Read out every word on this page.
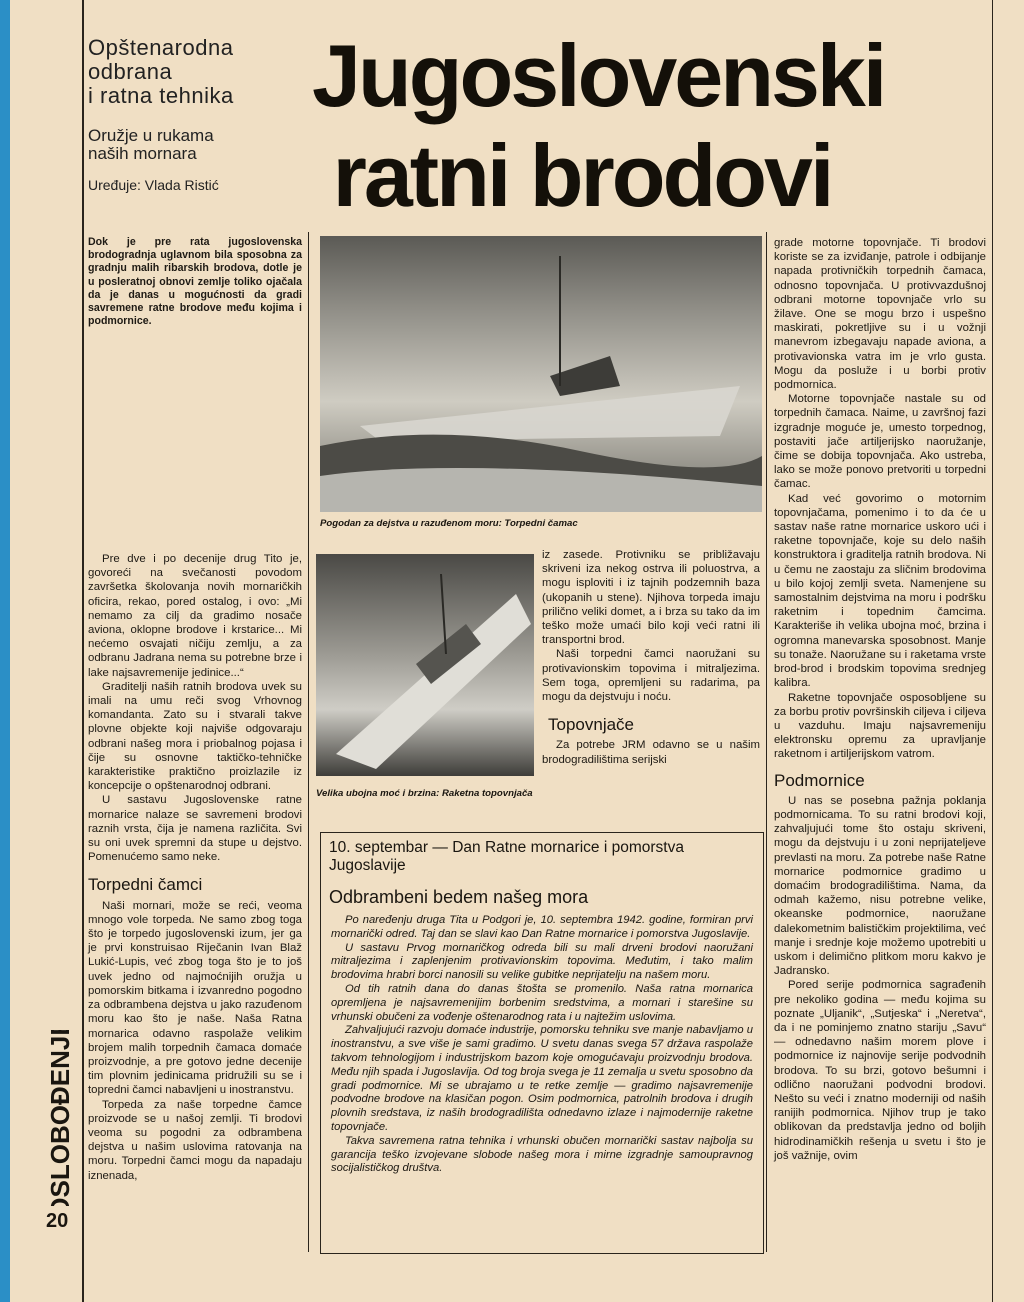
Opštenarodna
odbrana
i ratna tehnika
Oružje u rukama
naših mornara
Uređuje: Vlada Ristić
Jugoslovenski
ratni brodovi
Dok je pre rata jugoslovenska brodogradnja uglavnom bila sposobna za gradnju malih ribarskih brodova, dotle je u posleratnoj obnovi zemlje toliko ojačala da je danas u mogućnosti da gradi savremene ratne brodove među kojima i podmornice.
Pogodan za dejstva u razuđenom moru: Torpedni čamac
Velika ubojna moć i brzina: Raketna topovnjača

Pre dve i po decenije drug Tito je, govoreći na svečanosti povodom završetka školovanja novih mornaričkih oficira, rekao, pored ostalog, i ovo: „Mi nemamo za cilj da gradimo nosače aviona, oklopne brodove i krstarice... Mi nećemo osvajati ničiju zemlju, a za odbranu Jadrana nema su potrebne brze i lake najsavremenije jedinice...“

Graditelji naših ratnih brodova uvek su imali na umu reči svog Vrhovnog komandanta. Zato su i stvarali takve plovne objekte koji najviše odgovaraju odbrani našeg mora i priobalnog pojasa i čije su osnovne taktičko-tehničke karakteristike praktično proizlazile iz koncepcije o opštenarodnoj odbrani.

U sastavu Jugoslovenske ratne mornarice nalaze se savremeni brodovi raznih vrsta, čija je namena različita. Svi su oni uvek spremni da stupe u dejstvo. Pomenućemo samo neke.

Torpedni čamci

Naši mornari, može se reći, veoma mnogo vole torpeda. Ne samo zbog toga što je torpedo jugoslovenski izum, jer ga je prvi konstruisao Riječanin Ivan Blaž Lukić-Lupis, već zbog toga što je to još uvek jedno od najmoćnijih oružja u pomorskim bitkama i izvanredno pogodno za odbrambena dejstva u jako razuđenom moru kao što je naše. Naša Ratna mornarica odavno raspolaže velikim brojem malih torpednih čamaca domaće proizvodnje, a pre gotovo jedne decenije tim plovnim jedinicama pridružili su se i topredni čamci nabavljeni u inostranstvu.

Torpeda za naše torpedne čamce proizvode se u našoj zemlji. Ti brodovi veoma su pogodni za odbrambena dejstva u našim uslovima ratovanja na moru. Torpedni čamci mogu da napadaju iznenada,

iz zasede. Protivniku se približavaju skriveni iza nekog ostrva ili poluostrva, a mogu isploviti i iz tajnih podzemnih baza (ukopanih u stene). Njihova torpeda imaju prilično veliki domet, a i brza su tako da im teško može umaći bilo koji veći ratni ili transportni brod.

Naši torpedni čamci naoružani su protivavionskim topovima i mitraljezima. Sem toga, opremljeni su radarima, pa mogu da dejstvuju i noću.

Topovnjače

Za potrebe JRM odavno se u našim brodogradilištima serijski

grade motorne topovnjače. Ti brodovi koriste se za izviđanje, patrole i odbijanje napada protivničkih torpednih čamaca, odnosno topovnjača. U protivvazdušnoj odbrani motorne topovnjače vrlo su žilave. One se mogu brzo i uspešno maskirati, pokretljive su i u vožnji manevrom izbegavaju napade aviona, a protivavionska vatra im je vrlo gusta. Mogu da posluže i u borbi protiv podmornica.

Motorne topovnjače nastale su od torpednih čamaca. Naime, u završnoj fazi izgradnje moguće je, umesto torpednog, postaviti jače artiljerijsko naoružanje, čime se dobija topovnjača. Ako ustreba, lako se može ponovo pretvoriti u torpedni čamac.

Kad već govorimo o motornim topovnjačama, pomenimo i to da će u sastav naše ratne mornarice uskoro ući i raketne topovnjače, koje su delo naših konstruktora i graditelja ratnih brodova. Ni u čemu ne zaostaju za sličnim brodovima u bilo kojoj zemlji sveta. Namenjene su samostalnim dejstvima na moru i podršku raketnim i topednim čamcima. Karakteriše ih velika ubojna moć, brzina i ogromna manevarska sposobnost. Manje su tonaže. Naoružane su i raketama vrste brod-brod i brodskim topovima srednjeg kalibra.

Raketne topovnjače osposobljene su za borbu protiv površinskih ciljeva i ciljeva u vazduhu. Imaju najsavremeniju elektronsku opremu za upravljanje raketnom i artiljerijskom vatrom.

Podmornice

U nas se posebna pažnja poklanja podmornicama. To su ratni brodovi koji, zahvaljujući tome što ostaju skriveni, mogu da dejstvuju i u zoni neprijateljeve prevlasti na moru. Za potrebe naše Ratne mornarice podmornice gradimo u domaćim brodogradilištima. Nama, da odmah kažemo, nisu potrebne velike, okeanske podmornice, naoružane dalekometnim balističkim projektilima, već manje i srednje koje možemo upotrebiti u uskom i delimično plitkom moru kakvo je Jadransko.

Pored serije podmornica sagrađenih pre nekoliko godina — među kojima su poznate „Uljanik“, „Sutjeska“ i „Neretva“, da i ne pominjemo znatno stariju „Savu“ — odnedavno našim morem plove i podmornice iz najnovije serije podvodnih brodova. To su brzi, gotovo bešumni i odlično naoružani podvodni brodovi. Nešto su veći i znatno moderniji od naših ranijih podmornica. Njihov trup je tako oblikovan da predstavlja jedno od boljih hidrodinamičkih rešenja u svetu i što je još važnije, ovim

10. septembar — Dan Ratne mornarice i pomorstva Jugoslavije
Odbrambeni bedem našeg mora

Po naređenju druga Tita u Podgori je, 10. septembra 1942. godine, formiran prvi mornarički odred. Taj dan se slavi kao Dan Ratne mornarice i pomorstva Jugoslavije.

U sastavu Prvog mornaričkog odreda bili su mali drveni brodovi naoružani mitraljezima i zaplenjenim protivavionskim topovima. Međutim, i tako malim brodovima hrabri borci nanosili su velike gubitke neprijatelju na našem moru.

Od tih ratnih dana do danas štošta se promenilo. Naša ratna mornarica opremljena je najsavremenijim borbenim sredstvima, a mornari i starešine su vrhunski obučeni za vođenje oštenarodnog rata i u najtežim uslovima.

Zahvaljujući razvoju domaće industrije, pomorsku tehniku sve manje nabavljamo u inostranstvu, a sve više je sami gradimo. U svetu danas svega 57 država raspolaže takvom tehnologijom i industrijskom bazom koje omogućavaju proizvodnju brodova. Među njih spada i Jugoslavija. Od tog broja svega je 11 zemalja u svetu sposobno da gradi podmornice. Mi se ubrajamo u te retke zemlje — gradimo najsavremenije podvodne brodove na klasičan pogon. Osim podmornica, patrolnih brodova i drugih plovnih sredstava, iz naših brodogradilišta odnedavno izlaze i najmodernije raketne topovnjače.

Takva savremena ratna tehnika i vrhunski obučen mornarički sastav najbolja su garancija teško izvojevane slobode našeg mora i mirne izgradnje samoupravnog socijalističkog društva.

SLOBOĐENJ
20
